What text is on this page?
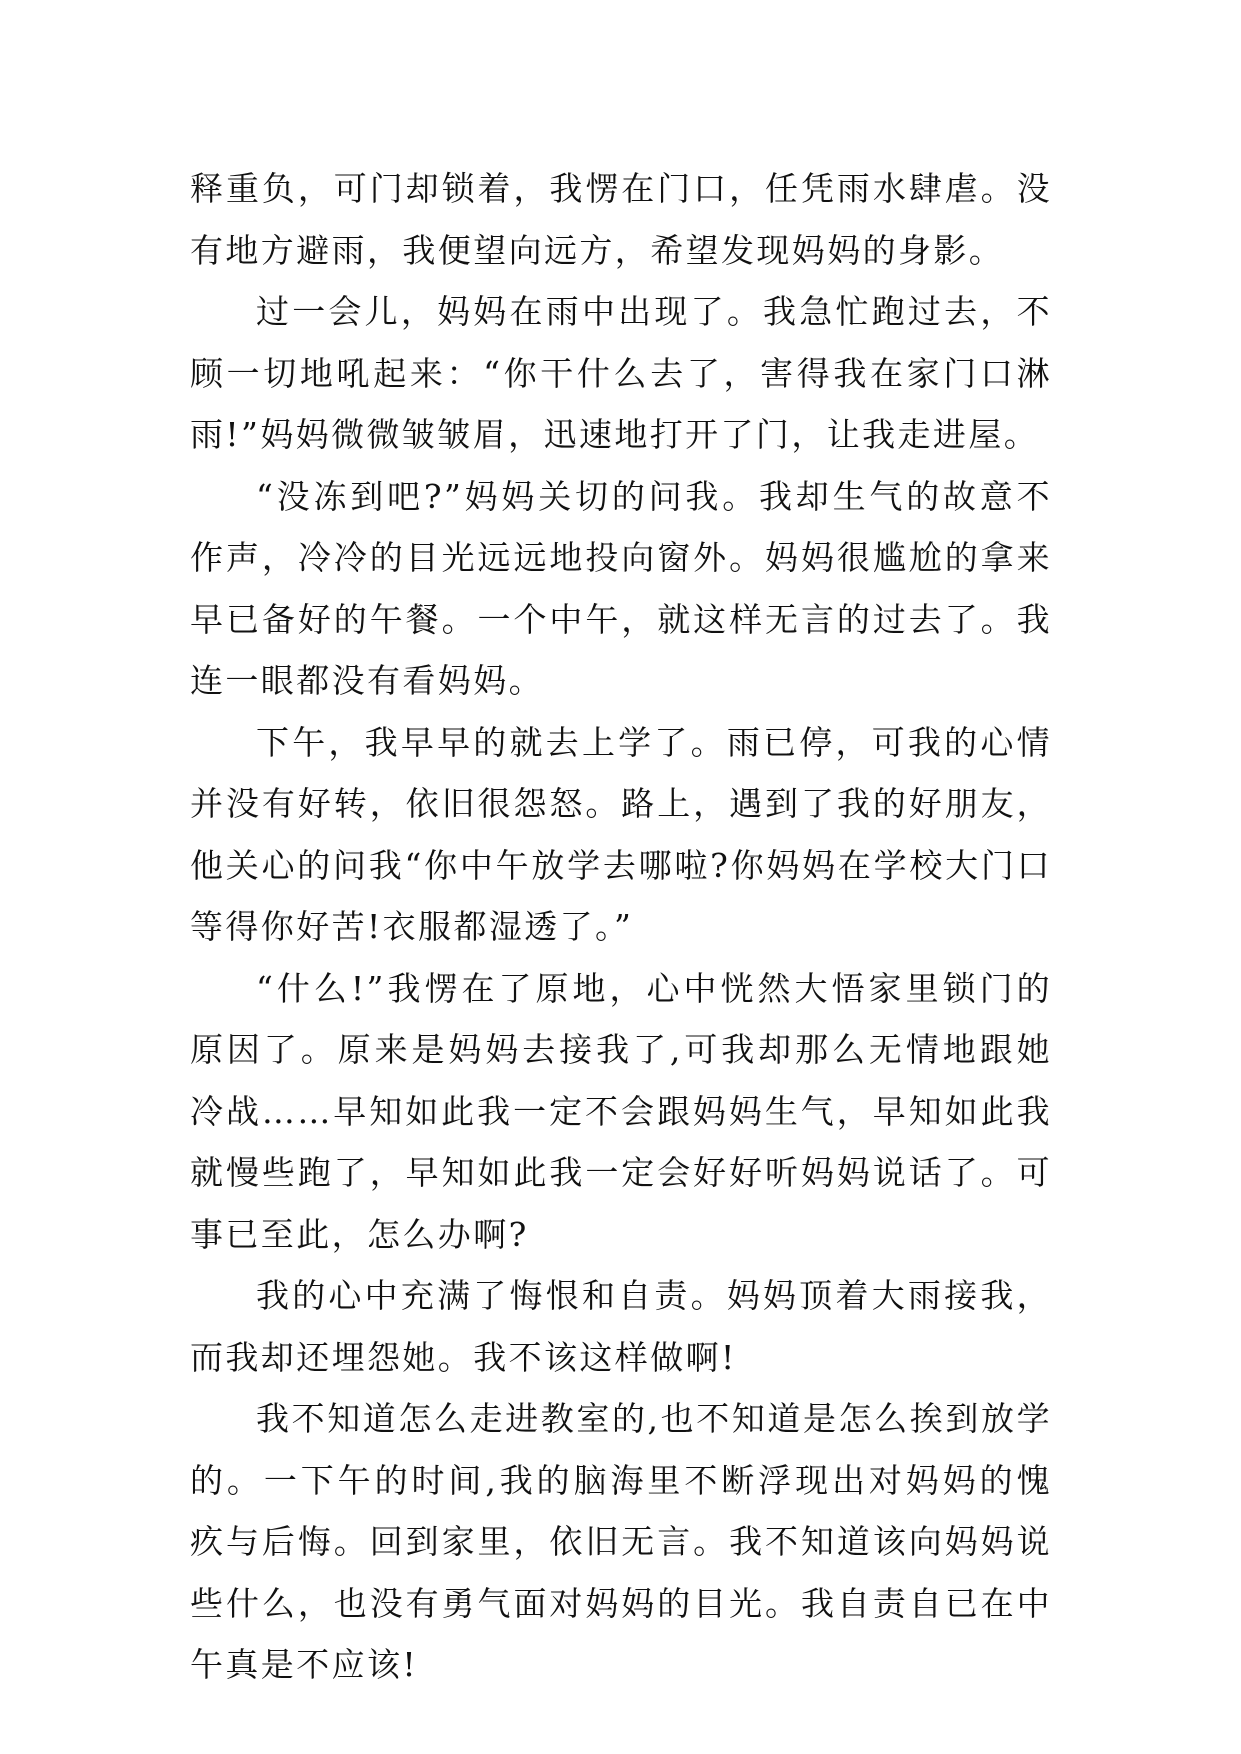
释重负，可门却锁着，我愣在门口，任凭雨水肆虐。没有地方避雨，我便望向远方，希望发现妈妈的身影。

过一会儿，妈妈在雨中出现了。我急忙跑过去，不顾一切地吼起来：“你干什么去了，害得我在家门口淋雨!”妈妈微微皱皱眉，迅速地打开了门，让我走进屋。

“没冻到吧?”妈妈关切的问我。我却生气的故意不作声，冷冷的目光远远地投向窗外。妈妈很尴尬的拿来早已备好的午餐。一个中午，就这样无言的过去了。我连一眼都没有看妈妈。

下午，我早早的就去上学了。雨已停，可我的心情并没有好转，依旧很怨怒。路上，遇到了我的好朋友，他关心的问我“你中午放学去哪啦?你妈妈在学校大门口等得你好苦!衣服都湿透了。”

“什么!”我愣在了原地，心中恍然大悟家里锁门的原因了。原来是妈妈去接我了,可我却那么无情地跟她冷战……早知如此我一定不会跟妈妈生气，早知如此我就慢些跑了，早知如此我一定会好好听妈妈说话了。可事已至此，怎么办啊?

我的心中充满了悔恨和自责。妈妈顶着大雨接我，而我却还埋怨她。我不该这样做啊!

我不知道怎么走进教室的,也不知道是怎么挨到放学的。一下午的时间,我的脑海里不断浮现出对妈妈的愧疚与后悔。回到家里，依旧无言。我不知道该向妈妈说些什么，也没有勇气面对妈妈的目光。我自责自已在中午真是不应该!
